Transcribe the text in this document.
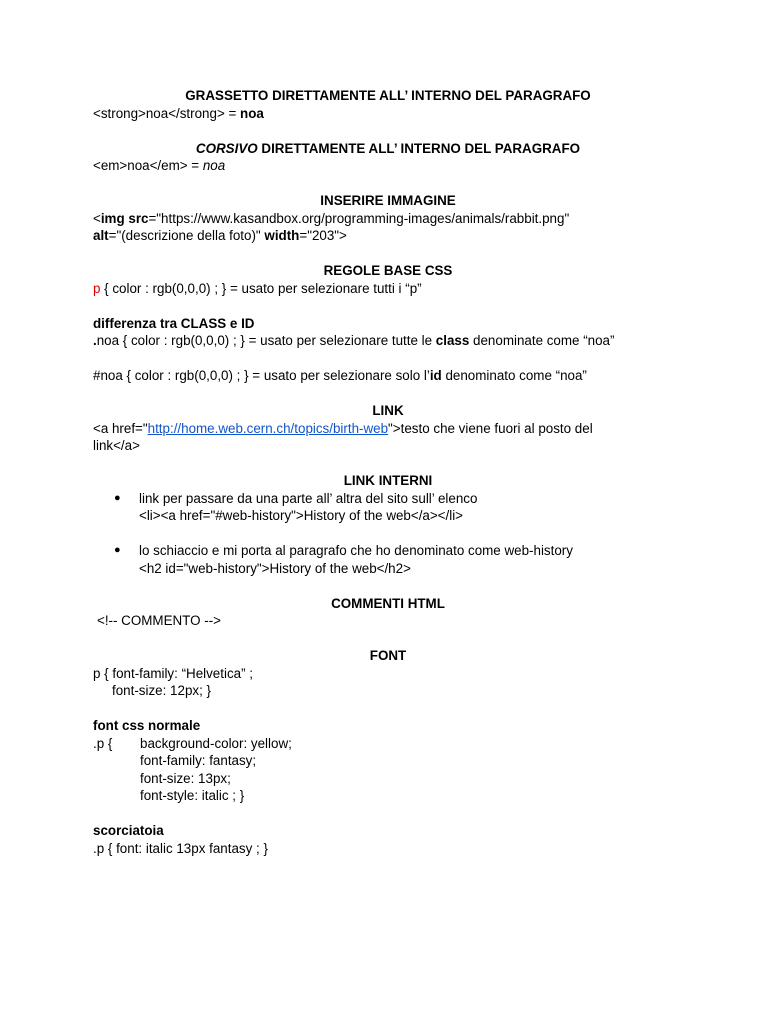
GRASSETTO DIRETTAMENTE ALL’ INTERNO DEL PARAGRAFO
<strong>noa</strong> = noa
CORSIVO DIRETTAMENTE ALL’ INTERNO DEL PARAGRAFO
<em>noa</em> = noa
INSERIRE IMMAGINE
<img src="https://www.kasandbox.org/programming-images/animals/rabbit.png"
alt="(descrizione della foto)" width="203">
REGOLE BASE CSS
p { color : rgb(0,0,0) ; } = usato per selezionare tutti i “p”
differenza tra CLASS e ID
.noa { color : rgb(0,0,0) ; } = usato per selezionare tutte le class denominate come “noa”
#noa { color : rgb(0,0,0) ; } = usato per selezionare solo l’id denominato come “noa”
LINK
<a href="http://home.web.cern.ch/topics/birth-web">testo che viene fuori al posto del
link</a>
LINK INTERNI
● link per passare da una parte all’ altra del sito sull’ elenco
<li><a href="#web-history">History of the web</a></li>
● lo schiaccio e mi porta al paragrafo che ho denominato come web-history
<h2 id="web-history">History of the web</h2>
COMMENTI HTML
<!-- COMMENTO -->
FONT
p { font-family: “Helvetica” ;
font-size: 12px; }
font css normale
.p { background-color: yellow;
font-family: fantasy;
font-size: 13px;
font-style: italic ; }
scorciatoia
.p { font: italic 13px fantasy ; }
